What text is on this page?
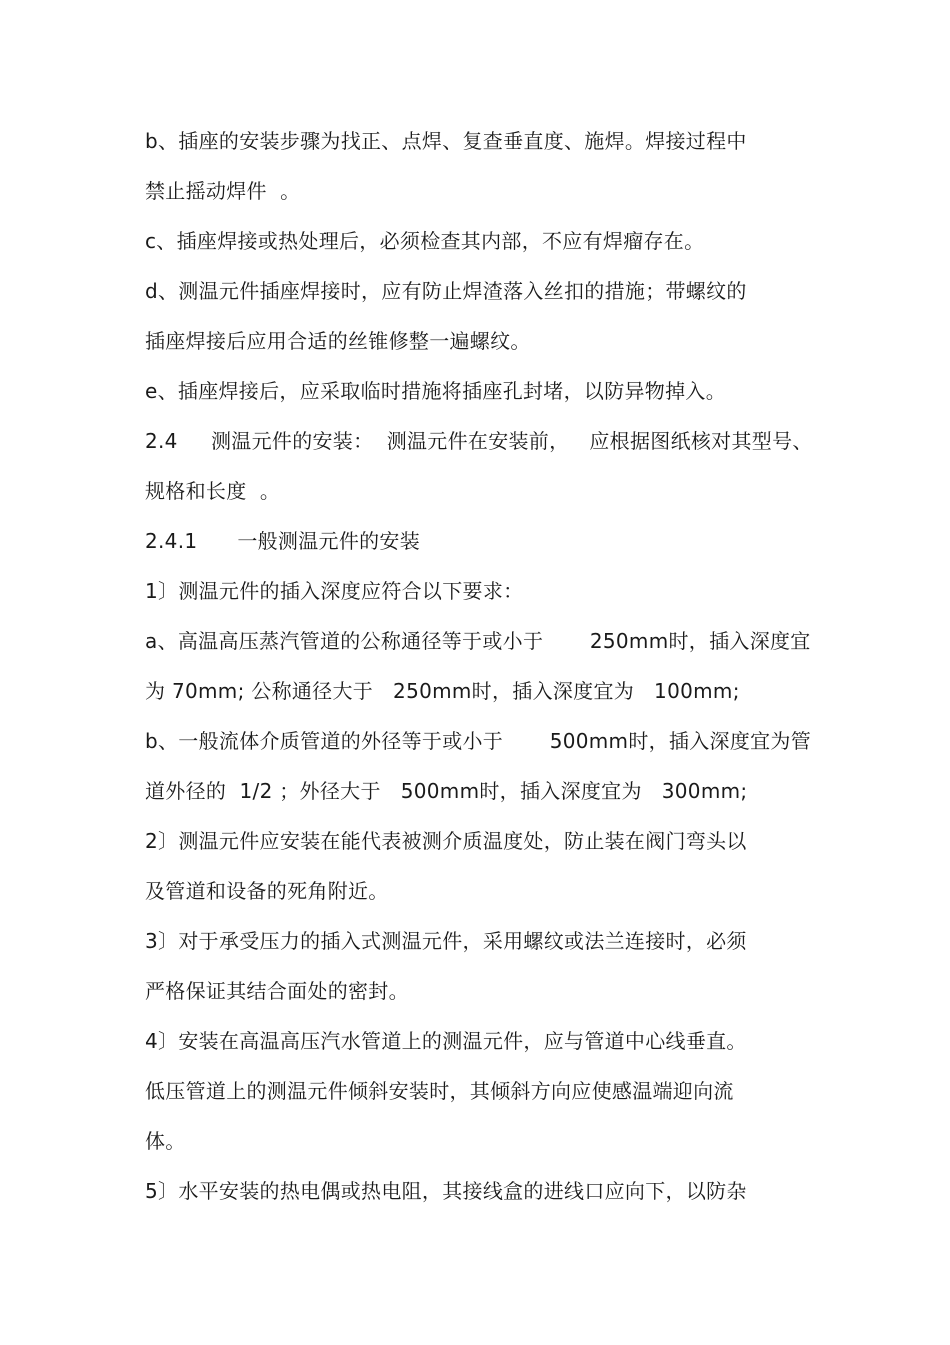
b、插座的安装步骤为找正、点焊、复查垂直度、施焊。焊接过程中
禁止摇动焊件  。
c、插座焊接或热处理后，必须检查其内部，不应有焊瘤存在。
d、测温元件插座焊接时，应有防止焊渣落入丝扣的措施；带螺纹的
插座焊接后应用合适的丝锥修整一遍螺纹。
e、插座焊接后，应采取临时措施将插座孔封堵，以防异物掉入。
2.4     测温元件的安装：  测温元件在安装前，   应根据图纸核对其型号、
规格和长度  。
2.4.1      一般测温元件的安装
1〕测温元件的插入深度应符合以下要求：
a、高温高压蒸汽管道的公称通径等于或小于       250mm时，插入深度宜
为 70mm; 公称通径大于   250mm时，插入深度宜为   100mm;
b、一般流体介质管道的外径等于或小于       500mm时，插入深度宜为管
道外径的  1/2 ；外径大于   500mm时，插入深度宜为   300mm;
2〕测温元件应安装在能代表被测介质温度处，防止装在阀门弯头以
及管道和设备的死角附近。
3〕对于承受压力的插入式测温元件，采用螺纹或法兰连接时，必须
严格保证其结合面处的密封。
4〕安装在高温高压汽水管道上的测温元件，应与管道中心线垂直。
低压管道上的测温元件倾斜安装时，其倾斜方向应使感温端迎向流
体。
5〕水平安装的热电偶或热电阻，其接线盒的进线口应向下，以防杂
